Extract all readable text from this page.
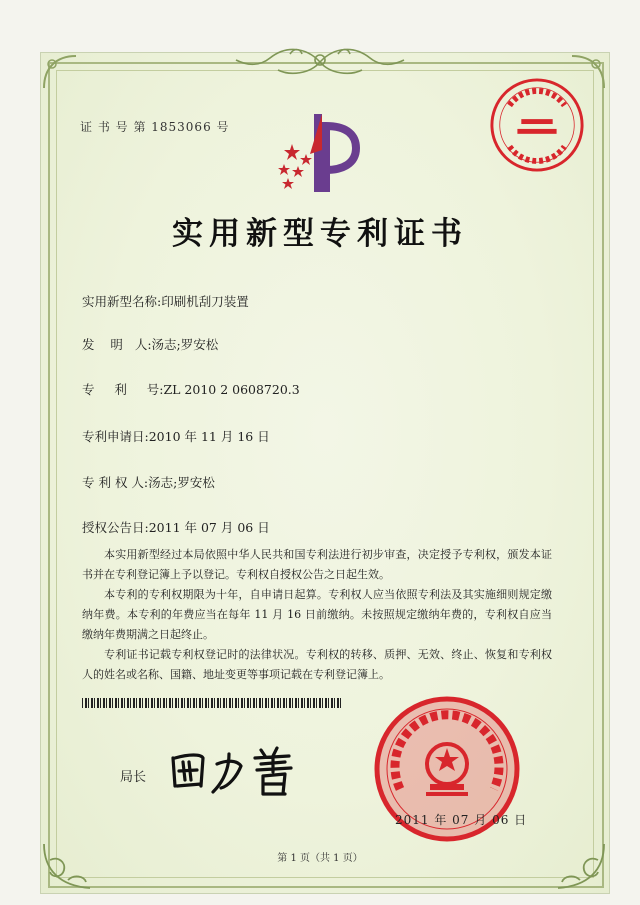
证 书 号 第 1853066 号
实用新型专利证书
实用新型名称:印刷机刮刀装置
发    明   人:汤志;罗安松
专     利     号:ZL 2010 2 0608720.3
专利申请日:2010 年 11 月 16 日
专 利 权 人:汤志;罗安松
授权公告日:2011 年 07 月 06 日

本实用新型经过本局依照中华人民共和国专利法进行初步审查，决定授予专利权，颁发本证书并在专利登记簿上予以登记。专利权自授权公告之日起生效。

本专利的专利权期限为十年，自申请日起算。专利权人应当依照专利法及其实施细则规定缴纳年费。本专利的年费应当在每年 11 月 16 日前缴纳。未按照规定缴纳年费的，专利权自应当缴纳年费期满之日起终止。

专利证书记载专利权登记时的法律状况。专利权的转移、质押、无效、终止、恢复和专利权人的姓名或名称、国籍、地址变更等事项记载在专利登记簿上。

局长
2011 年 07 月 06 日
第 1 页（共 1 页）
